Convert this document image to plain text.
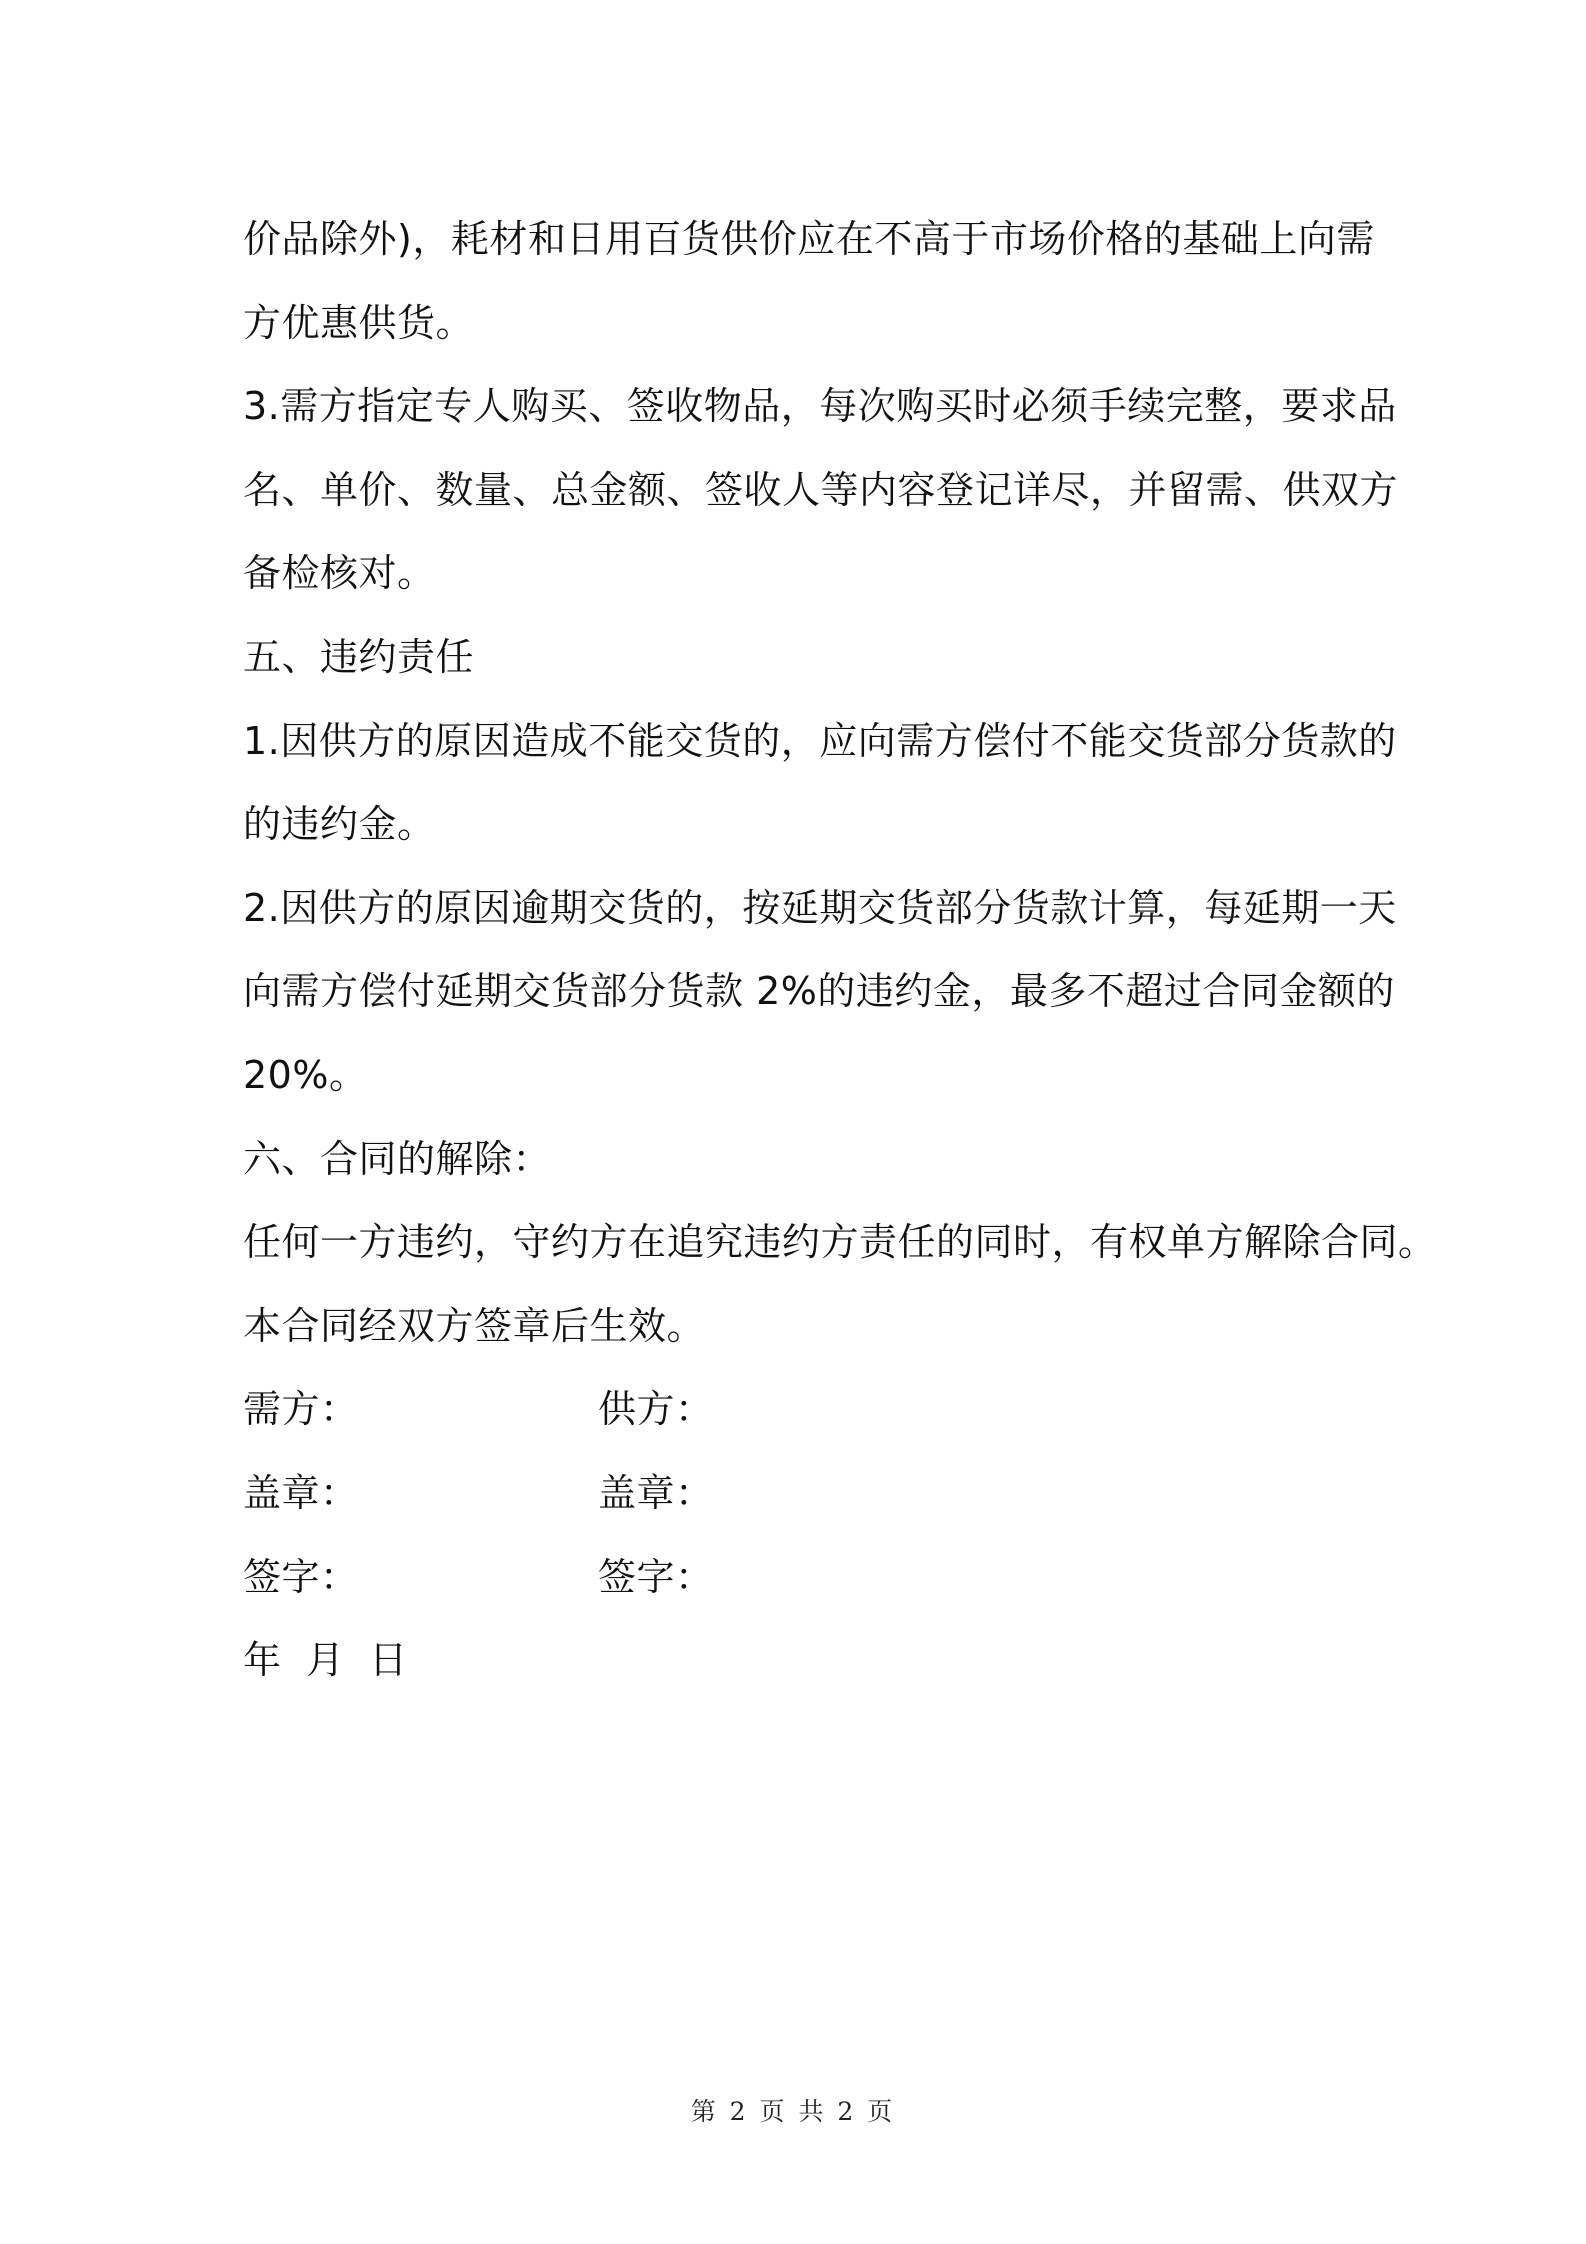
价品除外)，耗材和日用百货供价应在不高于市场价格的基础上向需
方优惠供货。
3.需方指定专人购买、签收物品，每次购买时必须手续完整，要求品
名、单价、数量、总金额、签收人等内容登记详尽，并留需、供双方
备检核对。
五、违约责任
1.因供方的原因造成不能交货的，应向需方偿付不能交货部分货款的
的违约金。
2.因供方的原因逾期交货的，按延期交货部分货款计算，每延期一天
向需方偿付延期交货部分货款 2%的违约金，最多不超过合同金额的
20%。
六、合同的解除：
任何一方违约，守约方在追究违约方责任的同时，有权单方解除合同。
本合同经双方签章后生效。
需方：	供方：
盖章：	盖章：
签字：	签字：
年 月 日
第 2 页 共 2 页
